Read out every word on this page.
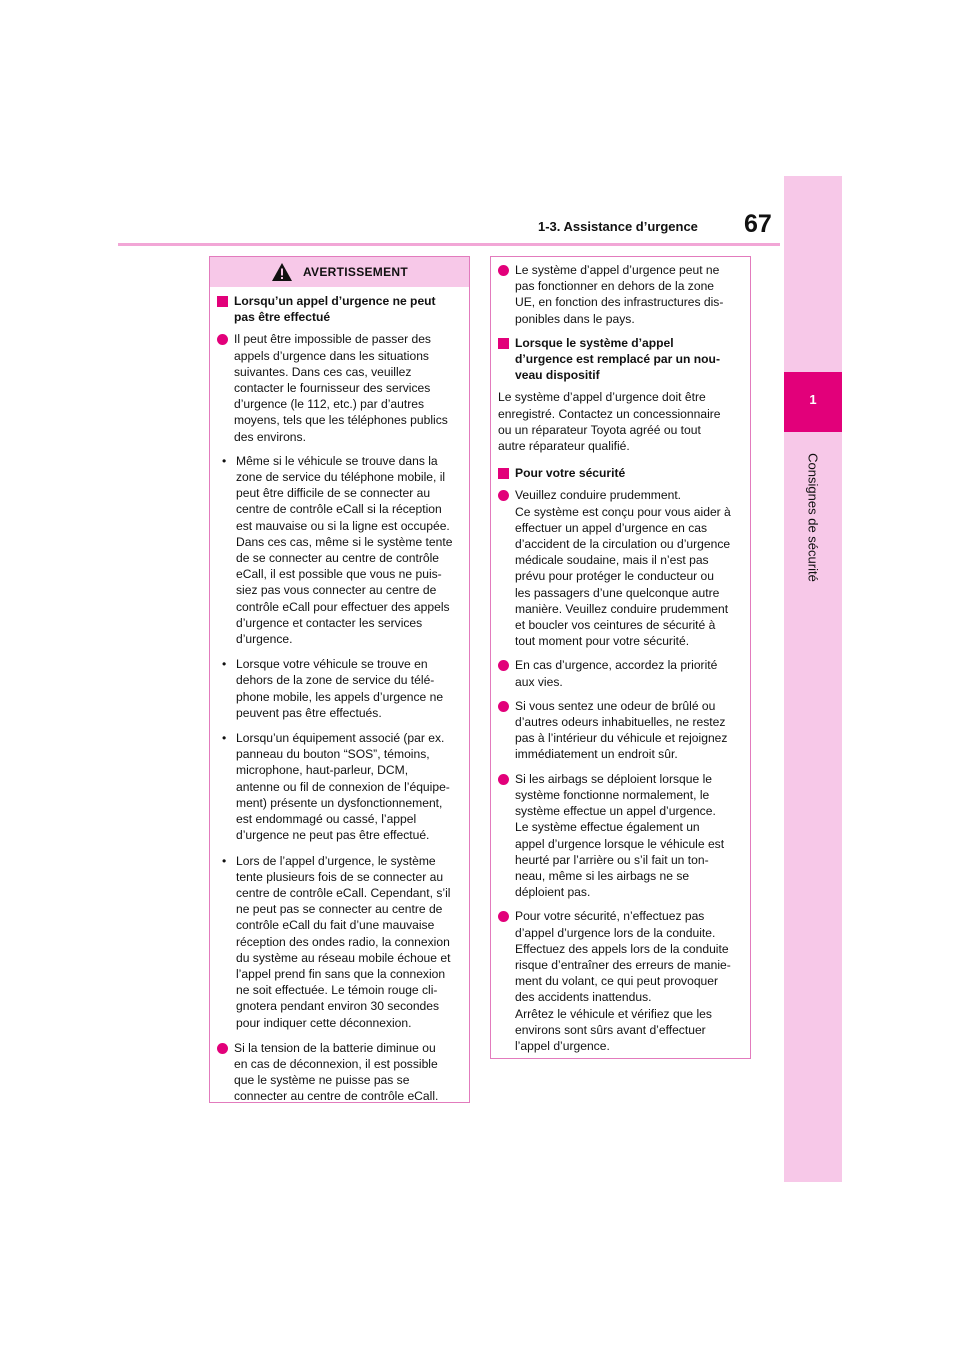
1-3. Assistance d’urgence 67
1
Consignes de sécurité
AVERTISSEMENT
Lorsqu’un appel d’urgence ne peut
pas être effectué
Il peut être impossible de passer des
appels d’urgence dans les situations
suivantes. Dans ces cas, veuillez
contacter le fournisseur des services
d’urgence (le 112, etc.) par d’autres
moyens, tels que les téléphones publics
des environs.
• Même si le véhicule se trouve dans la
zone de service du téléphone mobile, il
peut être difficile de se connecter au
centre de contrôle eCall si la réception
est mauvaise ou si la ligne est occupée.
Dans ces cas, même si le système tente
de se connecter au centre de contrôle
eCall, il est possible que vous ne puis-
siez pas vous connecter au centre de
contrôle eCall pour effectuer des appels
d’urgence et contacter les services
d’urgence.
• Lorsque votre véhicule se trouve en
dehors de la zone de service du télé-
phone mobile, les appels d’urgence ne
peuvent pas être effectués.
• Lorsqu’un équipement associé (par ex.
panneau du bouton “SOS”, témoins,
microphone, haut-parleur, DCM,
antenne ou fil de connexion de l’équipe-
ment) présente un dysfonctionnement,
est endommagé ou cassé, l’appel
d’urgence ne peut pas être effectué.
• Lors de l’appel d’urgence, le système
tente plusieurs fois de se connecter au
centre de contrôle eCall. Cependant, s’il
ne peut pas se connecter au centre de
contrôle eCall du fait d’une mauvaise
réception des ondes radio, la connexion
du système au réseau mobile échoue et
l’appel prend fin sans que la connexion
ne soit effectuée. Le témoin rouge cli-
gnotera pendant environ 30 secondes
pour indiquer cette déconnexion.
Si la tension de la batterie diminue ou
en cas de déconnexion, il est possible
que le système ne puisse pas se
connecter au centre de contrôle eCall.
Le système d’appel d’urgence peut ne
pas fonctionner en dehors de la zone
UE, en fonction des infrastructures dis-
ponibles dans le pays.
Lorsque le système d’appel
d’urgence est remplacé par un nou-
veau dispositif
Le système d’appel d’urgence doit être
enregistré. Contactez un concessionnaire
ou un réparateur Toyota agréé ou tout
autre réparateur qualifié.
Pour votre sécurité
Veuillez conduire prudemment.
Ce système est conçu pour vous aider à
effectuer un appel d’urgence en cas
d’accident de la circulation ou d’urgence
médicale soudaine, mais il n’est pas
prévu pour protéger le conducteur ou
les passagers d’une quelconque autre
manière. Veuillez conduire prudemment
et boucler vos ceintures de sécurité à
tout moment pour votre sécurité.
En cas d’urgence, accordez la priorité
aux vies.
Si vous sentez une odeur de brûlé ou
d’autres odeurs inhabituelles, ne restez
pas à l’intérieur du véhicule et rejoignez
immédiatement un endroit sûr.
Si les airbags se déploient lorsque le
système fonctionne normalement, le
système effectue un appel d’urgence.
Le système effectue également un
appel d’urgence lorsque le véhicule est
heurté par l’arrière ou s’il fait un ton-
neau, même si les airbags ne se
déploient pas.
Pour votre sécurité, n’effectuez pas
d’appel d’urgence lors de la conduite.
Effectuez des appels lors de la conduite
risque d’entraîner des erreurs de manie-
ment du volant, ce qui peut provoquer
des accidents inattendus.
Arrêtez le véhicule et vérifiez que les
environs sont sûrs avant d’effectuer
l’appel d’urgence.
